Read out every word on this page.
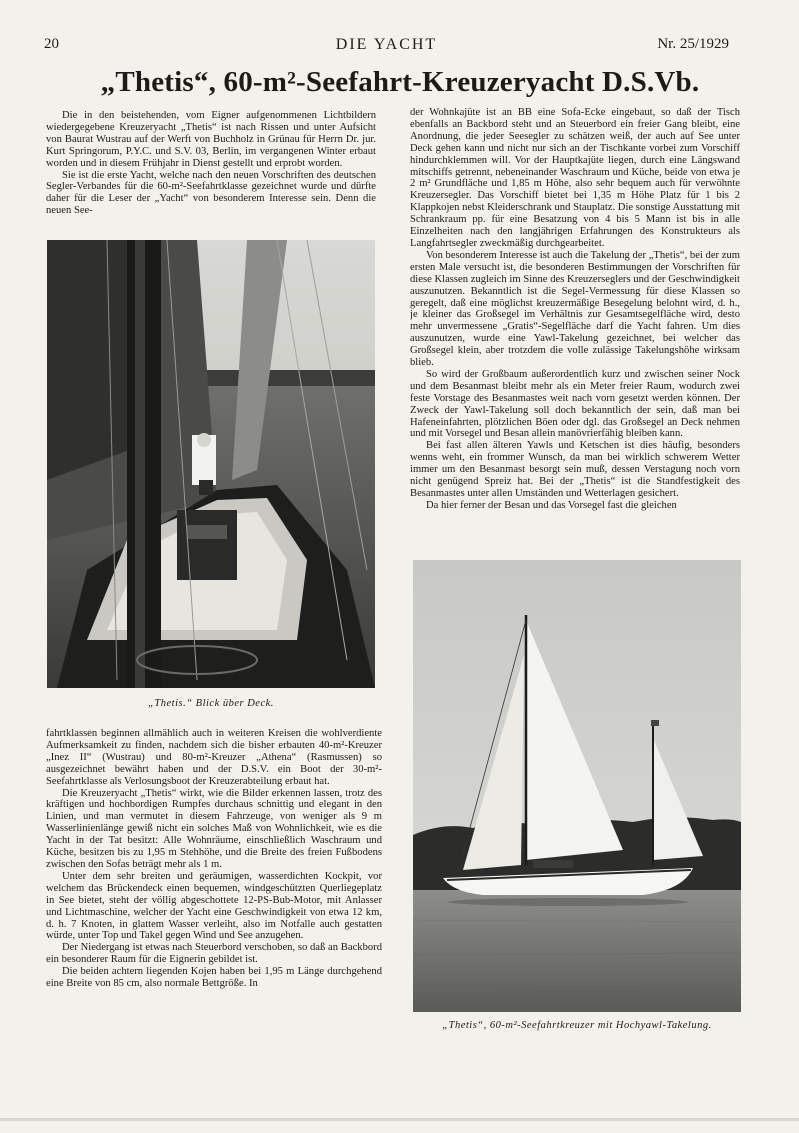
20	DIE YACHT	Nr. 25/1929
„Thetis“, 60-m²-Seefahrt-Kreuzeryacht D.S.Vb.

Die in den beistehenden, vom Eigner aufgenommenen Lichtbildern wiedergegebene Kreuzeryacht „Thetis“ ist nach Rissen und unter Aufsicht von Baurat Wustrau auf der Werft von Buchholz in Grünau für Herrn Dr. jur. Kurt Springorum, P.Y.C. und S.V. 03, Berlin, im vergangenen Winter erbaut worden und in diesem Frühjahr in Dienst gestellt und erprobt worden.

Sie ist die erste Yacht, welche nach den neuen Vorschriften des deutschen Segler-Verbandes für die 60-m²-Seefahrtklasse gezeichnet wurde und dürfte daher für die Leser der „Yacht“ von besonderem Interesse sein. Denn die neuen See-

„Thetis.“ Blick über Deck.

fahrtklassen beginnen allmählich auch in weiteren Kreisen die wohlverdiente Aufmerksamkeit zu finden, nachdem sich die bisher erbauten 40-m²-Kreuzer „Inez II“ (Wustrau) und 80-m²-Kreuzer „Athena“ (Rasmussen) so ausgezeichnet bewährt haben und der D.S.V. ein Boot der 30-m²-Seefahrtklasse als Verlosungsboot der Kreuzerabteilung erbaut hat.

Die Kreuzeryacht „Thetis“ wirkt, wie die Bilder erkennen lassen, trotz des kräftigen und hochbordigen Rumpfes durchaus schnittig und elegant in den Linien, und man vermutet in diesem Fahrzeuge, von weniger als 9 m Wasserlinienlänge gewiß nicht ein solches Maß von Wohnlichkeit, wie es die Yacht in der Tat besitzt: Alle Wohnräume, einschließlich Waschraum und Küche, besitzen bis zu 1,95 m Stehhöhe, und die Breite des freien Fußbodens zwischen den Sofas beträgt mehr als 1 m.

Unter dem sehr breiten und geräumigen, wasserdichten Kockpit, vor welchem das Brückendeck einen bequemen, windgeschützten Querliegeplatz in See bietet, steht der völlig abgeschottete 12-PS-Bub-Motor, mit Anlasser und Lichtmaschine, welcher der Yacht eine Geschwindigkeit von etwa 12 km, d. h. 7 Knoten, in glattem Wasser verleiht, also im Notfalle auch gestatten würde, unter Top und Takel gegen Wind und See anzugehen.

Der Niedergang ist etwas nach Steuerbord verschoben, so daß an Backbord ein besonderer Raum für die Eignerin gebildet ist.

Die beiden achtern liegenden Kojen haben bei 1,95 m Länge durchgehend eine Breite von 85 cm, also normale Bettgröße. In

der Wohnkajüte ist an BB eine Sofa-Ecke eingebaut, so daß der Tisch ebenfalls an Backbord steht und an Steuerbord ein freier Gang bleibt, eine Anordnung, die jeder Seesegler zu schätzen weiß, der auch auf See unter Deck gehen kann und nicht nur sich an der Tischkante vorbei zum Vorschiff hindurchklemmen will. Vor der Hauptkajüte liegen, durch eine Längswand mitschiffs getrennt, nebeneinander Waschraum und Küche, beide von etwa je 2 m² Grundfläche und 1,85 m Höhe, also sehr bequem auch für verwöhnte Kreuzersegler. Das Vorschiff bietet bei 1,35 m Höhe Platz für 1 bis 2 Klappkojen nebst Kleiderschrank und Stauplatz. Die sonstige Ausstattung mit Schrankraum pp. für eine Besatzung von 4 bis 5 Mann ist bis in alle Einzelheiten nach den langjährigen Erfahrungen des Konstrukteurs als Langfahrtsegler zweckmäßig durchgearbeitet.

Von besonderem Interesse ist auch die Takelung der „Thetis“, bei der zum ersten Male versucht ist, die besonderen Bestimmungen der Vorschriften für diese Klassen zugleich im Sinne des Kreuzerseglers und der Geschwindigkeit auszunutzen. Bekanntlich ist die Segel-Vermessung für diese Klassen so geregelt, daß eine möglichst kreuzermäßige Besegelung belohnt wird, d. h., je kleiner das Großsegel im Verhältnis zur Gesamtsegelfläche wird, desto mehr unvermessene „Gratis“-Segelfläche darf die Yacht fahren. Um dies auszunutzen, wurde eine Yawl-Takelung gezeichnet, bei welcher das Großsegel klein, aber trotzdem die volle zulässige Takelungshöhe wirksam blieb.

So wird der Großbaum außerordentlich kurz und zwischen seiner Nock und dem Besanmast bleibt mehr als ein Meter freier Raum, wodurch zwei feste Vorstage des Besanmastes weit nach vorn gesetzt werden können. Der Zweck der Yawl-Takelung soll doch bekanntlich der sein, daß man bei Hafeneinfahrten, plötzlichen Böen oder dgl. das Großsegel an Deck nehmen und mit Vorsegel und Besan allein manövrierfähig bleiben kann.

Bei fast allen älteren Yawls und Ketschen ist dies häufig, besonders wenns weht, ein frommer Wunsch, da man bei wirklich schwerem Wetter immer um den Besanmast besorgt sein muß, dessen Verstagung noch vorn nicht genügend Spreiz hat. Bei der „Thetis“ ist die Standfestigkeit des Besanmastes unter allen Umständen und Wetterlagen gesichert.

Da hier ferner der Besan und das Vorsegel fast die gleichen

„Thetis“, 60-m²-Seefahrtkreuzer mit Hochyawl-Takelung.
